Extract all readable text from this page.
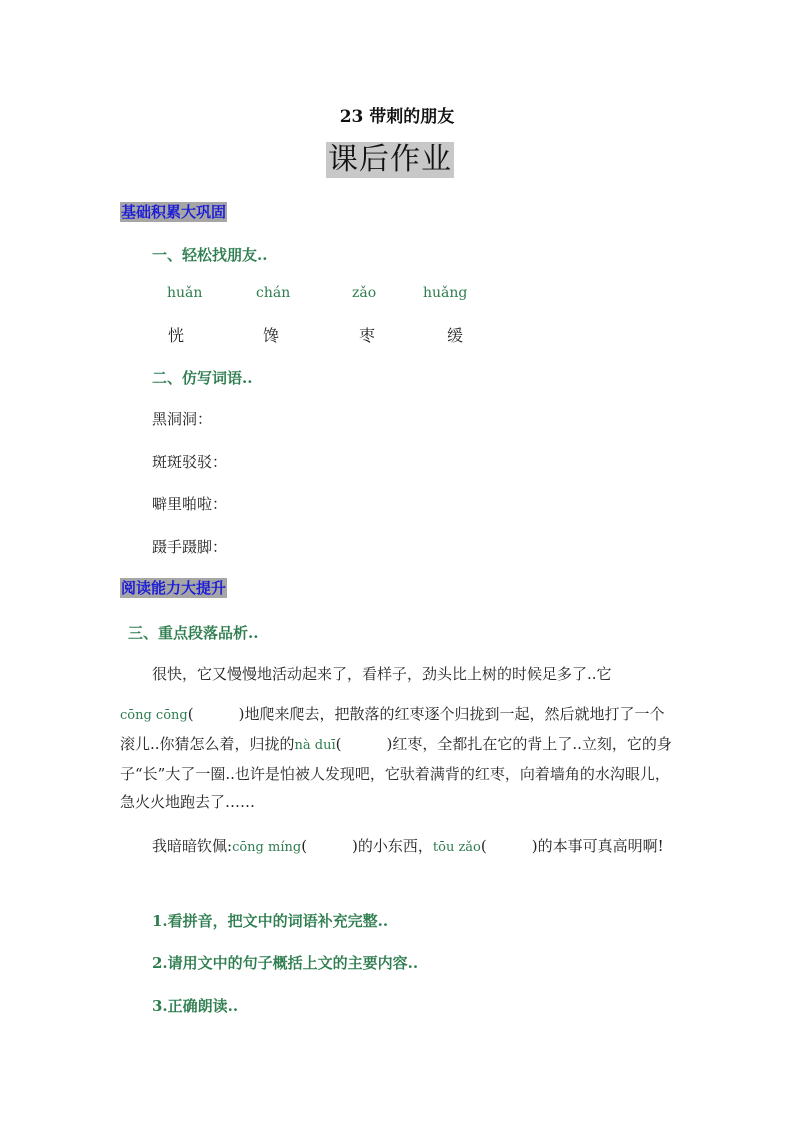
23 带刺的朋友
课后作业
基础积累大巩固
一、轻松找朋友..
huǎn	chán	zǎo	huǎng
恍	馋	枣	缓
二、仿写词语..
黑洞洞：
斑斑驳驳：
噼里啪啦：
蹑手蹑脚：
阅读能力大提升
三、重点段落品析..
很快，它又慢慢地活动起来了，看样子，劲头比上树的时候足多了..它
cōng cōng(　　　)地爬来爬去，把散落的红枣逐个归拢到一起，然后就地打了一个滚儿..你猜怎么着，归拢的nà duī(　　　)红枣，全都扎在它的背上了..立刻，它的身子“长”大了一圈..也许是怕被人发现吧，它驮着满背的红枣，向着墙角的水沟眼儿，急火火地跑去了……
我暗暗钦佩:cōng míng(　　　)的小东西，tōu zǎo(　　　)的本事可真高明啊!
1.看拼音，把文中的词语补充完整..
2.请用文中的句子概括上文的主要内容..
3.正确朗读..
